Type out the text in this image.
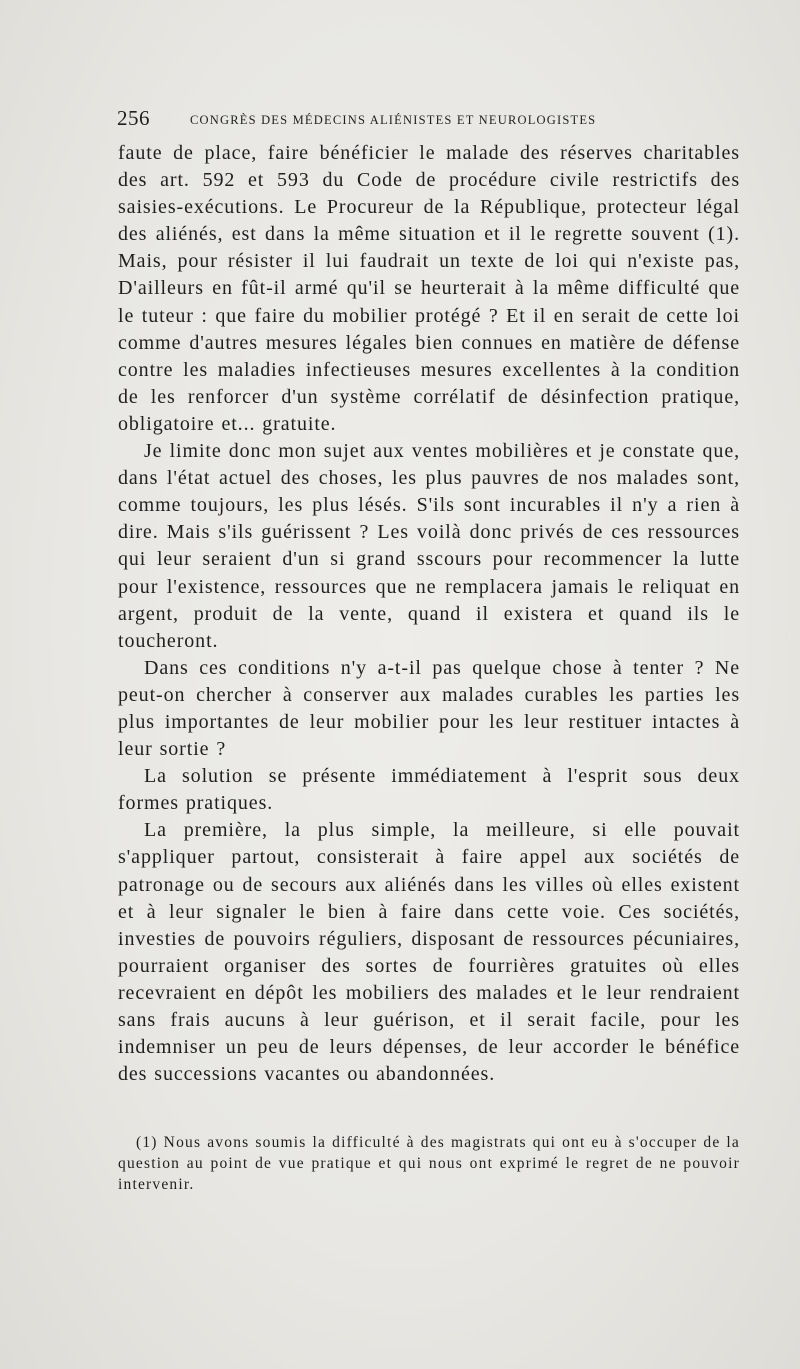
256	CONGRÈS DES MÉDECINS ALIÉNISTES ET NEUROLOGISTES

faute de place, faire bénéficier le malade des réserves charitables des art. 592 et 593 du Code de procédure civile restrictifs des saisies-exécutions. Le Procureur de la République, protecteur légal des aliénés, est dans la même situation et il le regrette souvent (1). Mais, pour résister il lui faudrait un texte de loi qui n'existe pas, D'ailleurs en fût-il armé qu'il se heurterait à la même difficulté que le tuteur : que faire du mobilier protégé ? Et il en serait de cette loi comme d'autres mesures légales bien connues en matière de défense contre les maladies infectieuses mesures excellentes à la condition de les renforcer d'un système corrélatif de désinfection pratique, obligatoire et... gratuite.

Je limite donc mon sujet aux ventes mobilières et je constate que, dans l'état actuel des choses, les plus pauvres de nos malades sont, comme toujours, les plus lésés. S'ils sont incurables il n'y a rien à dire. Mais s'ils guérissent ? Les voilà donc privés de ces ressources qui leur seraient d'un si grand sscours pour recommencer la lutte pour l'existence, ressources que ne remplacera jamais le reliquat en argent, produit de la vente, quand il existera et quand ils le toucheront.

Dans ces conditions n'y a-t-il pas quelque chose à tenter ? Ne peut-on chercher à conserver aux malades curables les parties les plus importantes de leur mobilier pour les leur restituer intactes à leur sortie ?

La solution se présente immédiatement à l'esprit sous deux formes pratiques.

La première, la plus simple, la meilleure, si elle pouvait s'appliquer partout, consisterait à faire appel aux sociétés de patronage ou de secours aux aliénés dans les villes où elles existent et à leur signaler le bien à faire dans cette voie. Ces sociétés, investies de pouvoirs réguliers, disposant de ressources pécuniaires, pourraient organiser des sortes de fourrières gratuites où elles recevraient en dépôt les mobiliers des malades et le leur rendraient sans frais aucuns à leur guérison, et il serait facile, pour les indemniser un peu de leurs dépenses, de leur accorder le bénéfice des successions vacantes ou abandonnées.

(1) Nous avons soumis la difficulté à des magistrats qui ont eu à s'occuper de la question au point de vue pratique et qui nous ont exprimé le regret de ne pouvoir intervenir.
